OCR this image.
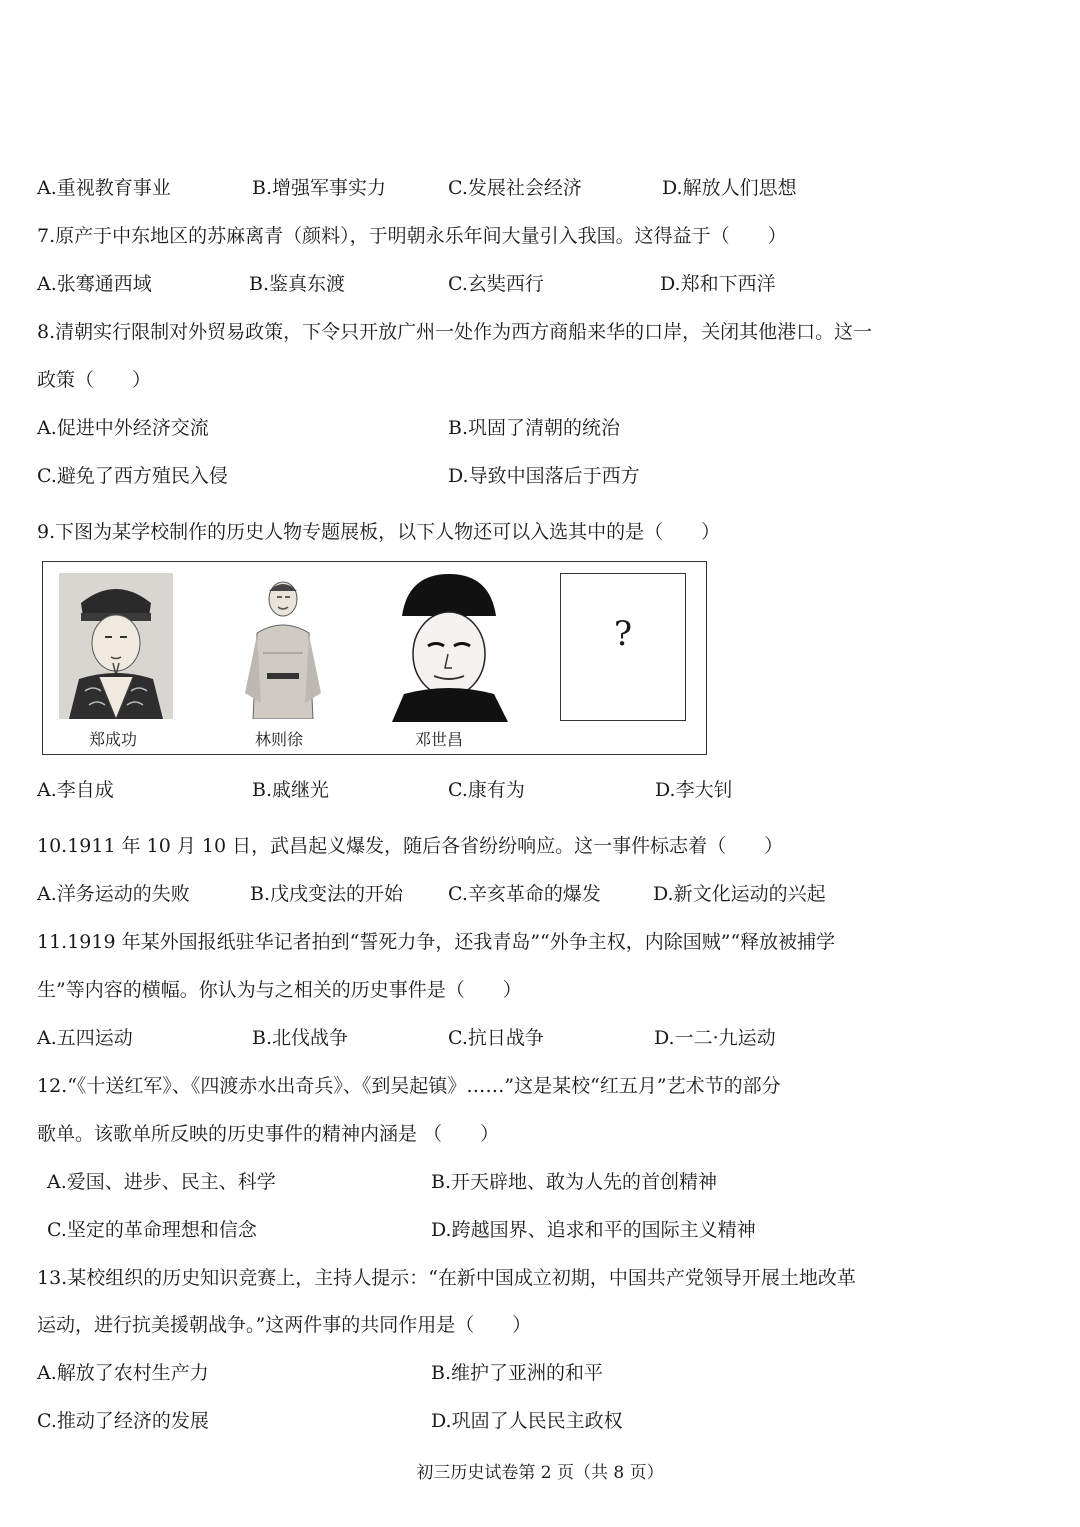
A.重视教育事业	B.增强军事实力	C.发展社会经济	D.解放人们思想
7.原产于中东地区的苏麻离青（颜料），于明朝永乐年间大量引入我国。这得益于（　　）
A.张骞通西域	B.鉴真东渡	C.玄奘西行	D.郑和下西洋
8.清朝实行限制对外贸易政策，下令只开放广州一处作为西方商船来华的口岸，关闭其他港口。这一
政策（　　）
A.促进中外经济交流	B.巩固了清朝的统治
C.避免了西方殖民入侵	D.导致中国落后于西方
9.下图为某学校制作的历史人物专题展板，以下人物还可以入选其中的是（　　）
郑成功	林则徐	邓世昌
?
A.李自成	B.戚继光	C.康有为	D.李大钊
10.1911 年 10 月 10 日，武昌起义爆发，随后各省纷纷响应。这一事件标志着（　　）
A.洋务运动的失败	B.戊戌变法的开始 C.辛亥革命的爆发	D.新文化运动的兴起
11.1919 年某外国报纸驻华记者拍到“誓死力争，还我青岛”“外争主权，内除国贼”“释放被捕学
生”等内容的横幅。你认为与之相关的历史事件是（　　）
A.五四运动	B.北伐战争	C.抗日战争	D.一二·九运动
12.“《十送红军》、《四渡赤水出奇兵》、《到吴起镇》……”这是某校“红五月”艺术节的部分
歌单。该歌单所反映的历史事件的精神内涵是 （　　）
A.爱国、进步、民主、科学	B.开天辟地、敢为人先的首创精神
C.坚定的革命理想和信念	D.跨越国界、追求和平的国际主义精神
13.某校组织的历史知识竞赛上，主持人提示：“在新中国成立初期，中国共产党领导开展土地改革
运动，进行抗美援朝战争。”这两件事的共同作用是（　　）
A.解放了农村生产力	B.维护了亚洲的和平
C.推动了经济的发展	D.巩固了人民民主政权
初三历史试卷第 2 页（共 8 页）
